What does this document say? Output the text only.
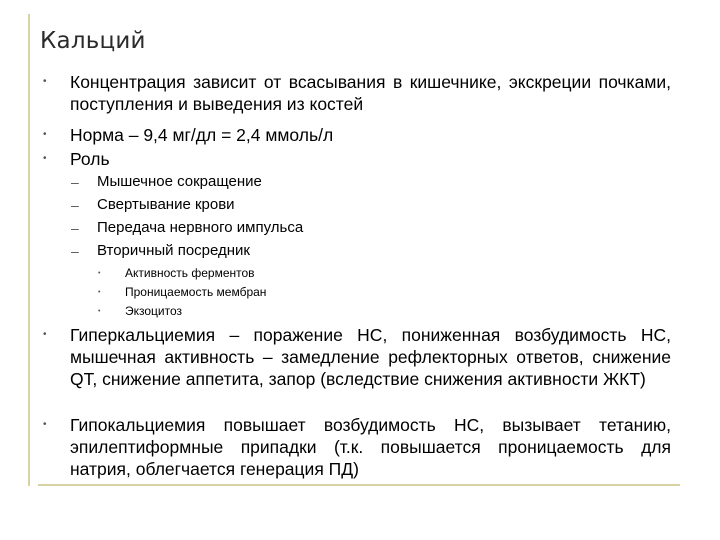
Кальций
• Концентрация зависит от всасывания в кишечнике, экскреции почками, поступления и выведения из костей
• Норма – 9,4 мг/дл = 2,4 ммоль/л
• Роль
– Мышечное сокращение
– Свертывание крови
– Передача нервного импульса
– Вторичный посредник
• Активность ферментов
• Проницаемость мембран
• Экзоцитоз
• Гиперкальциемия – поражение НС, пониженная возбудимость НС, мышечная активность – замедление рефлекторных ответов, снижение QT, снижение аппетита, запор (вследствие снижения активности ЖКТ)
• Гипокальциемия повышает возбудимость НС, вызывает тетанию, эпилептиформные припадки (т.к. повышается проницаемость для натрия, облегчается генерация ПД)
